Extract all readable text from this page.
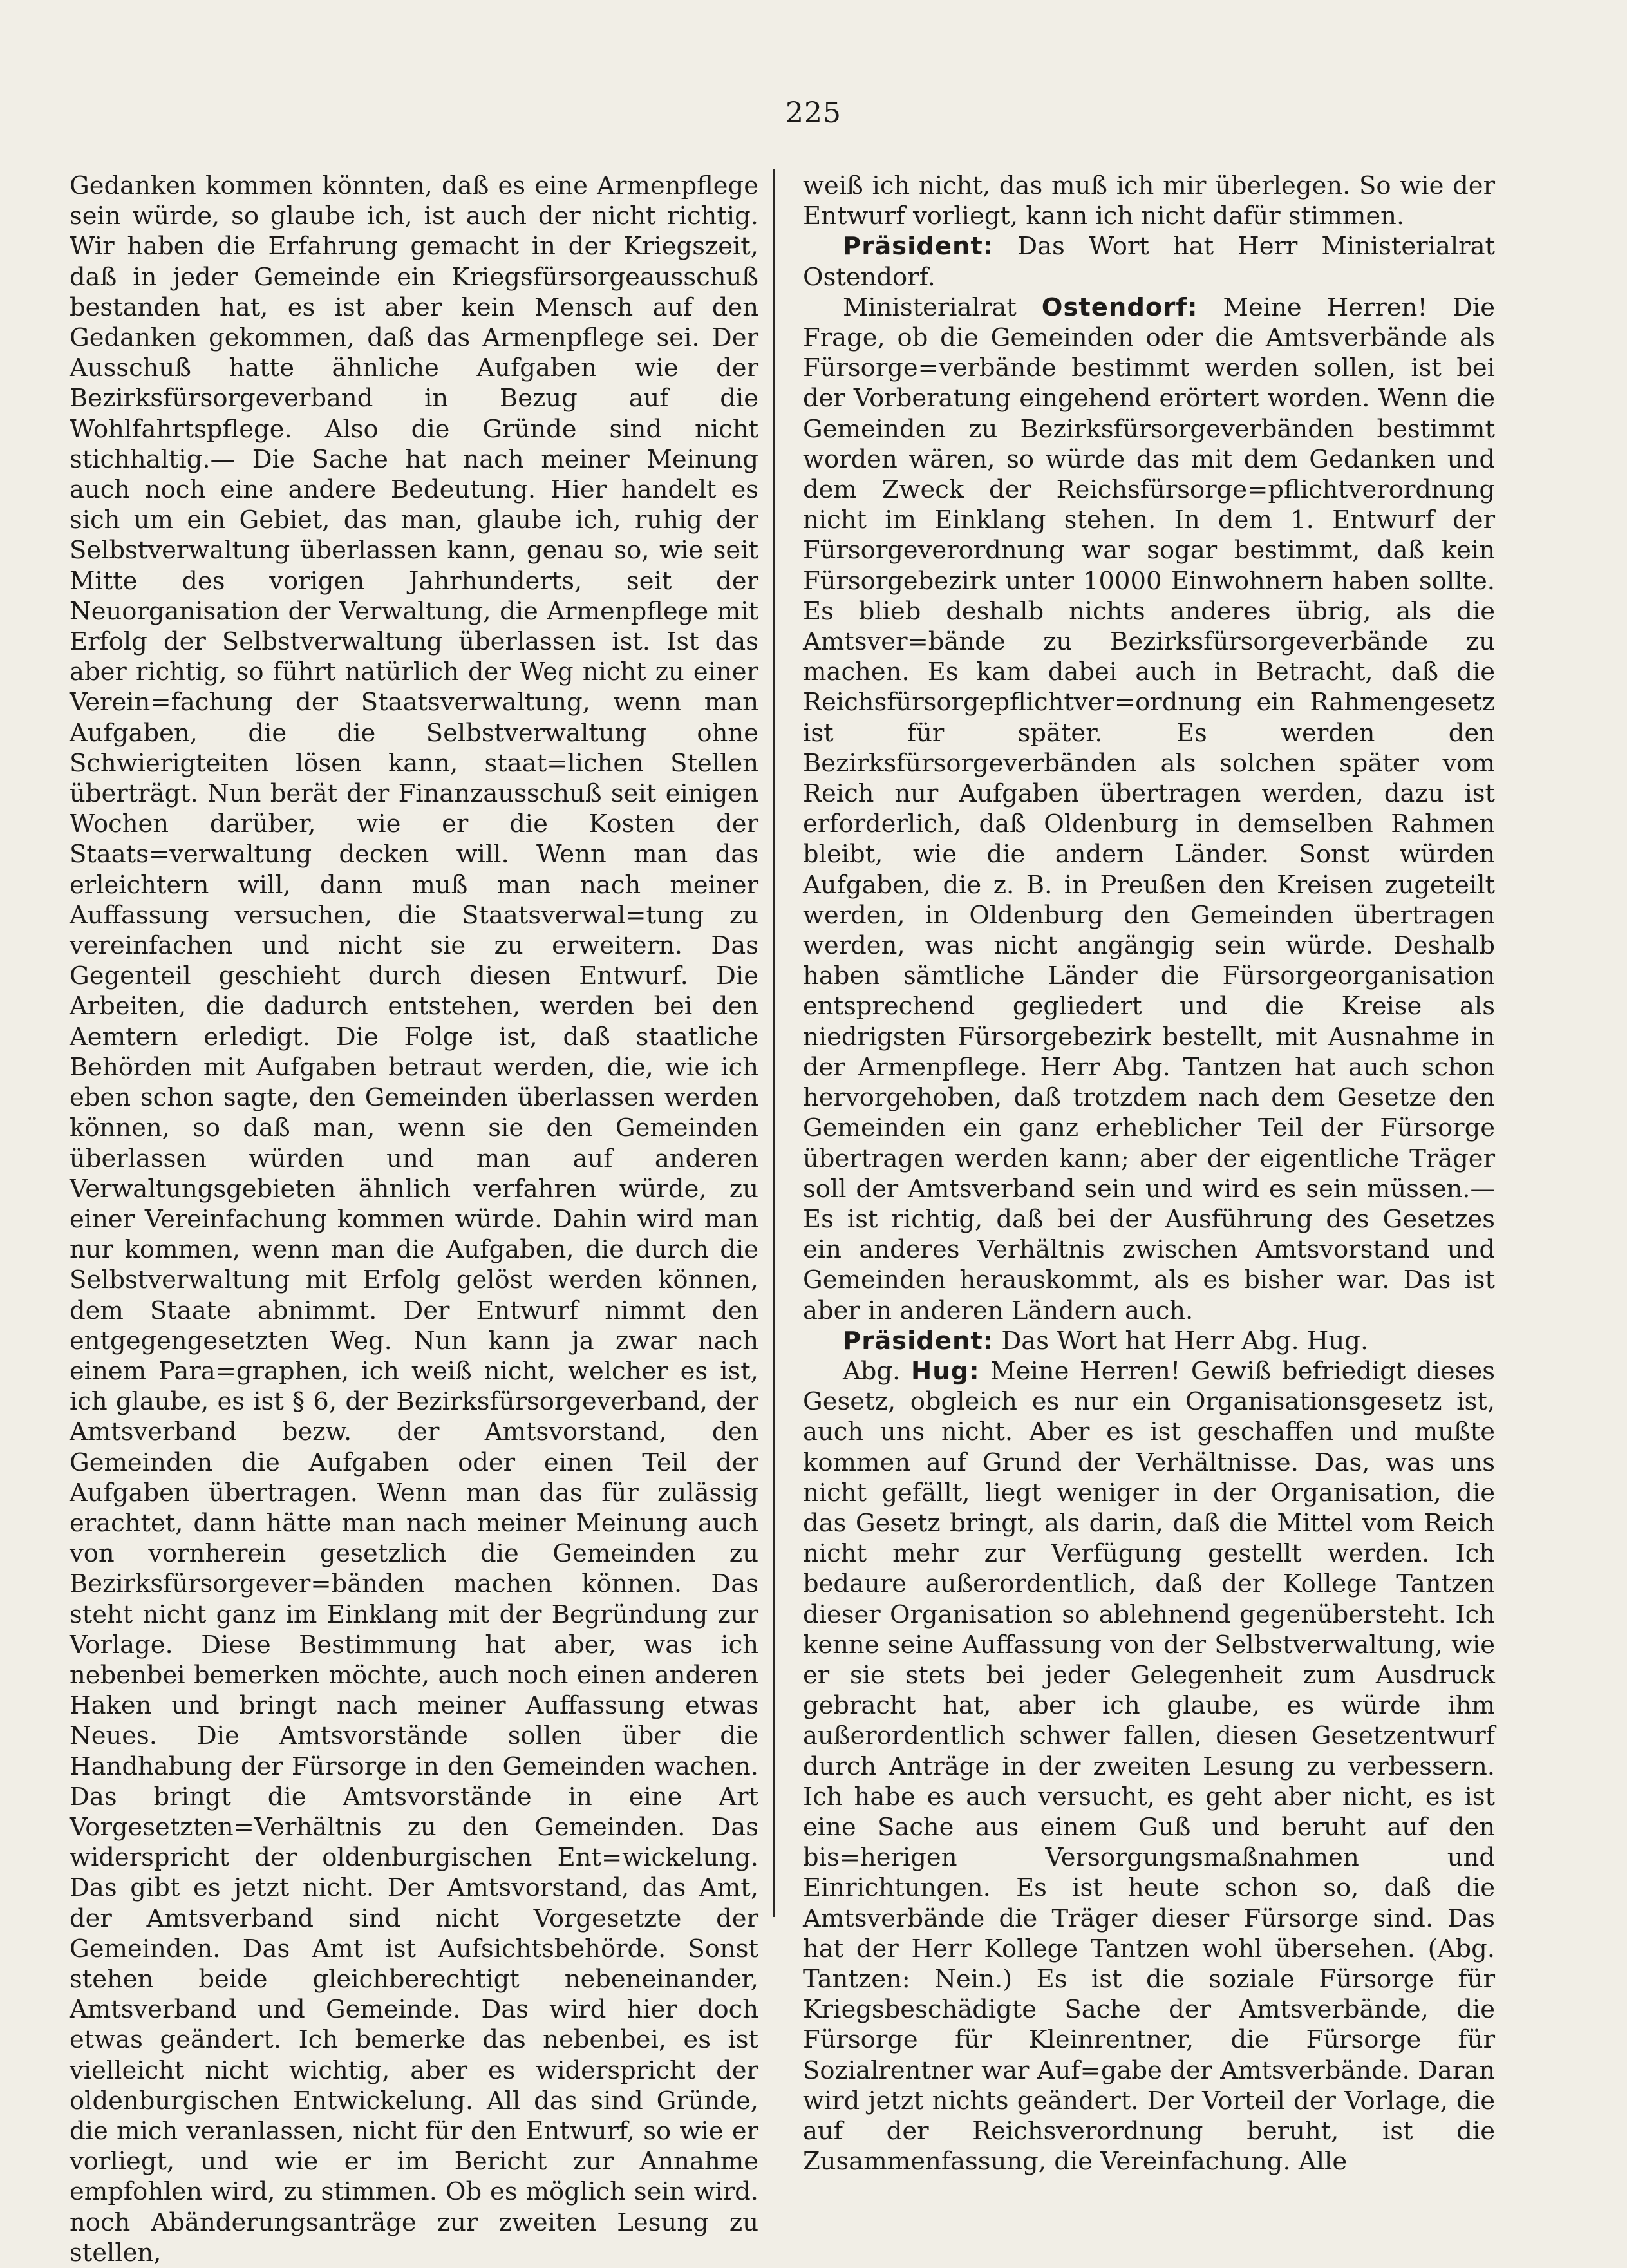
225

Gedanken kommen könnten, daß es eine Armenpflege sein würde, so glaube ich, ist auch der nicht richtig. Wir haben die Erfahrung gemacht in der Kriegszeit, daß in jeder Gemeinde ein Kriegsfürsorgeausschuß bestanden hat, es ist aber kein Mensch auf den Gedanken gekommen, daß das Armenpflege sei. Der Ausschuß hatte ähnliche Aufgaben wie der Bezirksfürsorgeverband in Bezug auf die Wohlfahrtspflege. Also die Gründe sind nicht stichhaltig.— Die Sache hat nach meiner Meinung auch noch eine andere Bedeutung. Hier handelt es sich um ein Gebiet, das man, glaube ich, ruhig der Selbstverwaltung überlassen kann, genau so, wie seit Mitte des vorigen Jahrhunderts, seit der Neuorganisation der Verwaltung, die Armenpflege mit Erfolg der Selbstverwaltung überlassen ist. Ist das aber richtig, so führt natürlich der Weg nicht zu einer Verein=fachung der Staatsverwaltung, wenn man Aufgaben, die die Selbstverwaltung ohne Schwierigteiten lösen kann, staat=lichen Stellen überträgt. Nun berät der Finanzausschuß seit einigen Wochen darüber, wie er die Kosten der Staats=verwaltung decken will. Wenn man das erleichtern will, dann muß man nach meiner Auffassung versuchen, die Staatsverwal=tung zu vereinfachen und nicht sie zu erweitern. Das Gegenteil geschieht durch diesen Entwurf. Die Arbeiten, die dadurch entstehen, werden bei den Aemtern erledigt. Die Folge ist, daß staatliche Behörden mit Aufgaben betraut werden, die, wie ich eben schon sagte, den Gemeinden überlassen werden können, so daß man, wenn sie den Gemeinden überlassen würden und man auf anderen Verwaltungsgebieten ähnlich verfahren würde, zu einer Vereinfachung kommen würde. Dahin wird man nur kommen, wenn man die Aufgaben, die durch die Selbstverwaltung mit Erfolg gelöst werden können, dem Staate abnimmt. Der Entwurf nimmt den entgegengesetzten Weg. Nun kann ja zwar nach einem Para=graphen, ich weiß nicht, welcher es ist, ich glaube, es ist § 6, der Bezirksfürsorgeverband, der Amtsverband bezw. der Amtsvorstand, den Gemeinden die Aufgaben oder einen Teil der Aufgaben übertragen. Wenn man das für zulässig erachtet, dann hätte man nach meiner Meinung auch von vornherein gesetzlich die Gemeinden zu Bezirksfürsorgever=bänden machen können. Das steht nicht ganz im Einklang mit der Begründung zur Vorlage. Diese Bestimmung hat aber, was ich nebenbei bemerken möchte, auch noch einen anderen Haken und bringt nach meiner Auffassung etwas Neues. Die Amtsvorstände sollen über die Handhabung der Fürsorge in den Gemeinden wachen. Das bringt die Amtsvorstände in eine Art Vorgesetzten=Verhältnis zu den Gemeinden. Das widerspricht der oldenburgischen Ent=wickelung. Das gibt es jetzt nicht. Der Amtsvorstand, das Amt, der Amtsverband sind nicht Vorgesetzte der Gemeinden. Das Amt ist Aufsichtsbehörde. Sonst stehen beide gleichberechtigt nebeneinander, Amtsverband und Gemeinde. Das wird hier doch etwas geändert. Ich bemerke das nebenbei, es ist vielleicht nicht wichtig, aber es widerspricht der oldenburgischen Entwickelung. All das sind Gründe, die mich veranlassen, nicht für den Entwurf, so wie er vorliegt, und wie er im Bericht zur Annahme empfohlen wird, zu stimmen. Ob es möglich sein wird. noch Abänderungsanträge zur zweiten Lesung zu stellen,

weiß ich nicht, das muß ich mir überlegen. So wie der Entwurf vorliegt, kann ich nicht dafür stimmen.

Präsident: Das Wort hat Herr Ministerialrat Ostendorf.

Ministerialrat Ostendorf: Meine Herren! Die Frage, ob die Gemeinden oder die Amtsverbände als Fürsorge=verbände bestimmt werden sollen, ist bei der Vorberatung eingehend erörtert worden. Wenn die Gemeinden zu Bezirksfürsorgeverbänden bestimmt worden wären, so würde das mit dem Gedanken und dem Zweck der Reichsfürsorge=pflichtverordnung nicht im Einklang stehen. In dem 1. Entwurf der Fürsorgeverordnung war sogar bestimmt, daß kein Fürsorgebezirk unter 10000 Einwohnern haben sollte. Es blieb deshalb nichts anderes übrig, als die Amtsver=bände zu Bezirksfürsorgeverbände zu machen. Es kam dabei auch in Betracht, daß die Reichsfürsorgepflichtver=ordnung ein Rahmengesetz ist für später. Es werden den Bezirksfürsorgeverbänden als solchen später vom Reich nur Aufgaben übertragen werden, dazu ist erforderlich, daß Oldenburg in demselben Rahmen bleibt, wie die andern Länder. Sonst würden Aufgaben, die z. B. in Preußen den Kreisen zugeteilt werden, in Oldenburg den Gemeinden übertragen werden, was nicht angängig sein würde. Deshalb haben sämtliche Länder die Fürsorgeorganisation entsprechend gegliedert und die Kreise als niedrigsten Fürsorgebezirk bestellt, mit Ausnahme in der Armenpflege. Herr Abg. Tantzen hat auch schon hervorgehoben, daß trotzdem nach dem Gesetze den Gemeinden ein ganz erheblicher Teil der Fürsorge übertragen werden kann; aber der eigentliche Träger soll der Amtsverband sein und wird es sein müssen.— Es ist richtig, daß bei der Ausführung des Gesetzes ein anderes Verhältnis zwischen Amtsvorstand und Gemeinden herauskommt, als es bisher war. Das ist aber in anderen Ländern auch.

Präsident: Das Wort hat Herr Abg. Hug.

Abg. Hug: Meine Herren! Gewiß befriedigt dieses Gesetz, obgleich es nur ein Organisationsgesetz ist, auch uns nicht. Aber es ist geschaffen und mußte kommen auf Grund der Verhältnisse. Das, was uns nicht gefällt, liegt weniger in der Organisation, die das Gesetz bringt, als darin, daß die Mittel vom Reich nicht mehr zur Verfügung gestellt werden. Ich bedaure außerordentlich, daß der Kollege Tantzen dieser Organisation so ablehnend gegenübersteht. Ich kenne seine Auffassung von der Selbstverwaltung, wie er sie stets bei jeder Gelegenheit zum Ausdruck gebracht hat, aber ich glaube, es würde ihm außerordentlich schwer fallen, diesen Gesetzentwurf durch Anträge in der zweiten Lesung zu verbessern. Ich habe es auch versucht, es geht aber nicht, es ist eine Sache aus einem Guß und beruht auf den bis=herigen Versorgungsmaßnahmen und Einrichtungen. Es ist heute schon so, daß die Amtsverbände die Träger dieser Fürsorge sind. Das hat der Herr Kollege Tantzen wohl übersehen. (Abg. Tantzen: Nein.) Es ist die soziale Fürsorge für Kriegsbeschädigte Sache der Amtsverbände, die Fürsorge für Kleinrentner, die Fürsorge für Sozialrentner war Auf=gabe der Amtsverbände. Daran wird jetzt nichts geändert. Der Vorteil der Vorlage, die auf der Reichsverordnung beruht, ist die Zusammenfassung, die Vereinfachung. Alle
